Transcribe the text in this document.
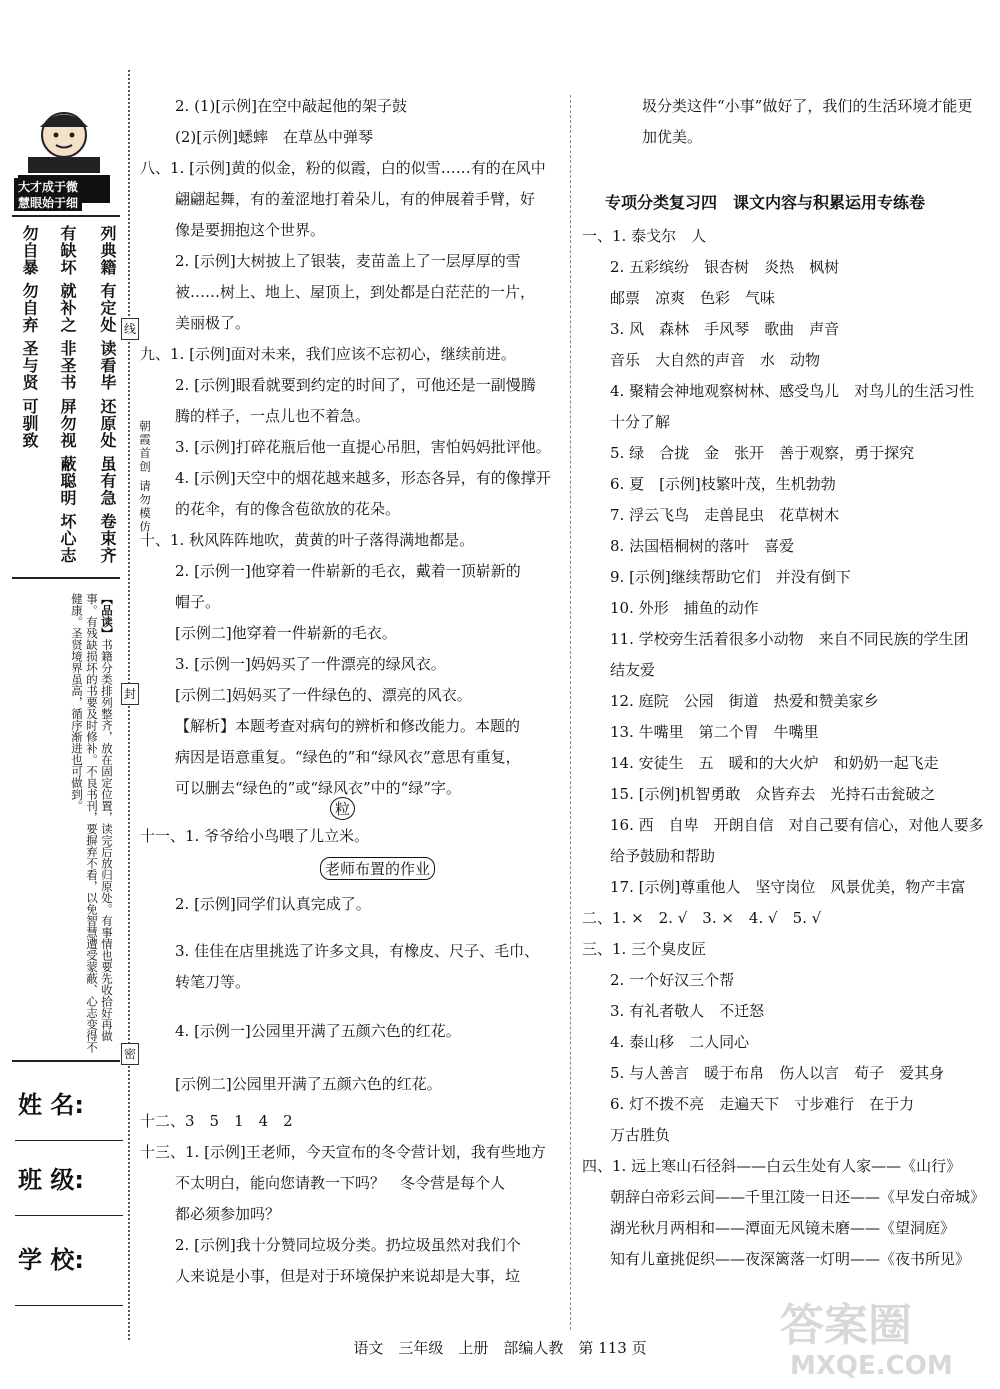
大才成于微
慧眼始于细
列典籍 有定处 读看毕 还原处 虽有急 卷束齐
有缺坏 就补之 非圣书 屏勿视 蔽聪明 坏心志
勿自暴 勿自弃 圣与贤 可驯致
【品读】书籍分类排列整齐，放在固定位置，读完后放归原处。有事情也要先收拾好再做事。有残缺损坏的书要及时修补。不良书刊，要摒弃不看，以免智慧遭受蒙蔽、心志变得不健康。圣贤境界虽高，循序渐进也可做到。
姓 名:
班 级:
学 校:
线
封
密
朝霞首创 请勿模仿
2. (1)[示例]在空中敲起他的架子鼓
(2)[示例]蟋蟀　在草丛中弹琴
八、1. [示例]黄的似金，粉的似霞，白的似雪……有的在风中
翩翩起舞，有的羞涩地打着朵儿，有的伸展着手臂，好
像是要拥抱这个世界。
2. [示例]大树披上了银装，麦苗盖上了一层厚厚的雪
被……树上、地上、屋顶上，到处都是白茫茫的一片，
美丽极了。
九、1. [示例]面对未来，我们应该不忘初心，继续前进。
2. [示例]眼看就要到约定的时间了，可他还是一副慢腾
腾的样子，一点儿也不着急。
3. [示例]打碎花瓶后他一直提心吊胆，害怕妈妈批评他。
4. [示例]天空中的烟花越来越多，形态各异，有的像撑开
的花伞，有的像含苞欲放的花朵。
十、1. 秋风阵阵地吹，黄黄的叶子落得满地都是。
2. [示例一]他穿着一件崭新的毛衣，戴着一顶崭新的
帽子。
[示例二]他穿着一件崭新的毛衣。
3. [示例一]妈妈买了一件漂亮的绿风衣。
[示例二]妈妈买了一件绿色的、漂亮的风衣。
【解析】本题考查对病句的辨析和修改能力。本题的
病因是语意重复。“绿色的”和“绿风衣”意思有重复，
可以删去“绿色的”或“绿风衣”中的“绿”字。
粒
十一、1. 爷爷给小鸟喂了儿立米。
老师布置的作业
2. [示例]同学们认真完成了。
3. 佳佳在店里挑选了许多文具，有橡皮、尺子、毛巾、
转笔刀等。
4. [示例一]公园里开满了五颜六色的红花。
[示例二]公园里开满了五颜六色的红花。
十二、3　5　1　4　2
十三、1. [示例]王老师，今天宣布的冬令营计划，我有些地方
不太明白，能向您请教一下吗？　冬令营是每个人
都必须参加吗？
2. [示例]我十分赞同垃圾分类。扔垃圾虽然对我们个
人来说是小事，但是对于环境保护来说却是大事，垃
圾分类这件“小事”做好了，我们的生活环境才能更
加优美。
专项分类复习四　课文内容与积累运用专练卷
一、1. 泰戈尔　人
2. 五彩缤纷　银杏树　炎热　枫树
邮票　凉爽　色彩　气味
3. 风　森林　手风琴　歌曲　声音
音乐　大自然的声音　水　动物
4. 聚精会神地观察树林、感受鸟儿　对鸟儿的生活习性
十分了解
5. 绿　合拢　金　张开　善于观察，勇于探究
6. 夏　[示例]枝繁叶茂，生机勃勃
7. 浮云飞鸟　走兽昆虫　花草树木
8. 法国梧桐树的落叶　喜爱
9. [示例]继续帮助它们　并没有倒下
10. 外形　捕鱼的动作
11. 学校旁生活着很多小动物　来自不同民族的学生团
结友爱
12. 庭院　公园　街道　热爱和赞美家乡
13. 牛嘴里　第二个胃　牛嘴里
14. 安徒生　五　暖和的大火炉　和奶奶一起飞走
15. [示例]机智勇敢　众皆弃去　光持石击瓮破之
16. 西　自卑　开朗自信　对自己要有信心，对他人要多
给予鼓励和帮助
17. [示例]尊重他人　坚守岗位　风景优美，物产丰富
二、1. ×　2. √　3. ×　4. √　5. √
三、1. 三个臭皮匠
2. 一个好汉三个帮
3. 有礼者敬人　不迁怒
4. 泰山移　二人同心
5. 与人善言　暖于布帛　伤人以言　荀子　爱其身
6. 灯不拨不亮　走遍天下　寸步难行　在于力
万古胜负
四、1. 远上寒山石径斜——白云生处有人家——《山行》
朝辞白帝彩云间——千里江陵一日还——《早发白帝城》
湖光秋月两相和——潭面无风镜未磨——《望洞庭》
知有儿童挑促织——夜深篱落一灯明——《夜书所见》
语文　三年级　上册　部编人教　第 113 页	答案圈
MXQE.COM
